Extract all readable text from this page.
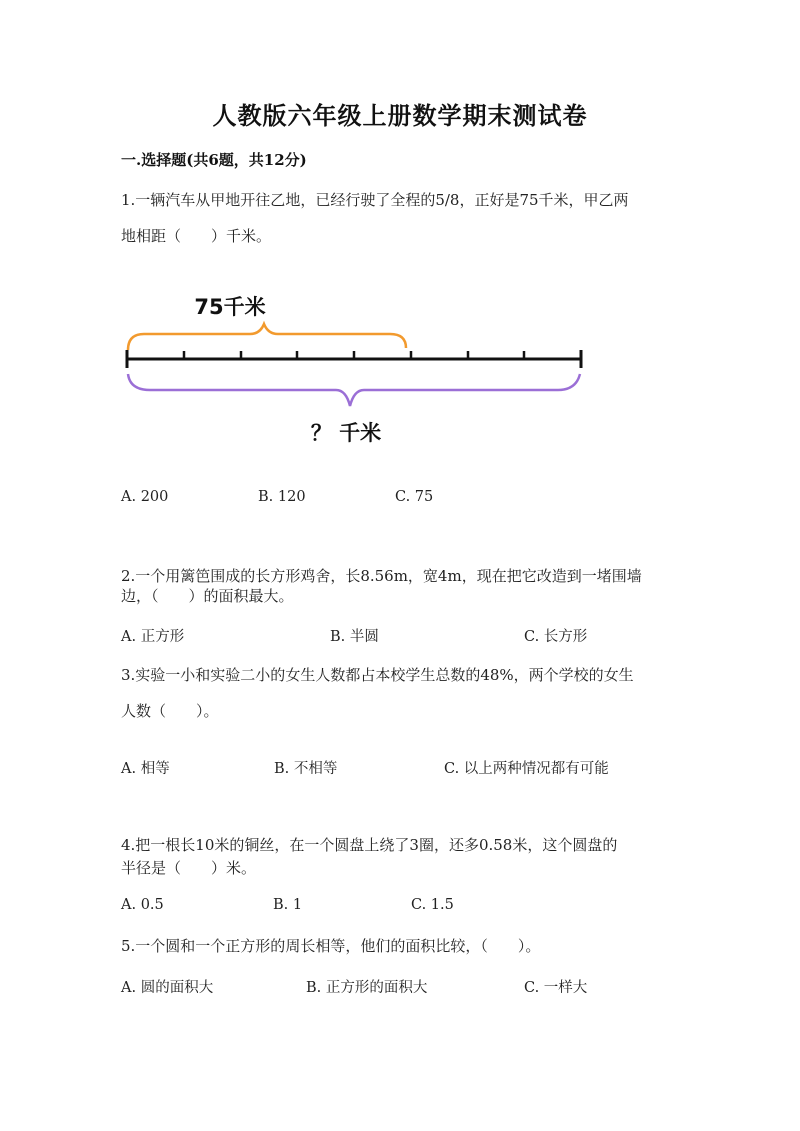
人教版六年级上册数学期末测试卷
一.选择题(共6题，共12分)
1.一辆汽车从甲地开往乙地，已经行驶了全程的5/8，正好是75千米，甲乙两
地相距（　　）千米。
75千米
？ 千米
A. 200	B. 120	C. 75
2.一个用篱笆围成的长方形鸡舍，长8.56m，宽4m，现在把它改造到一堵围墙
边，（　　）的面积最大。
A. 正方形	B. 半圆	C. 长方形
3.实验一小和实验二小的女生人数都占本校学生总数的48%，两个学校的女生
人数（　　）。
A. 相等	B. 不相等	C. 以上两种情况都有可能
4.把一根长10米的铜丝，在一个圆盘上绕了3圈，还多0.58米，这个圆盘的
半径是（　　）米。
A. 0.5	B. 1	C. 1.5
5.一个圆和一个正方形的周长相等，他们的面积比较，（　　）。
A. 圆的面积大	B. 正方形的面积大	C. 一样大
